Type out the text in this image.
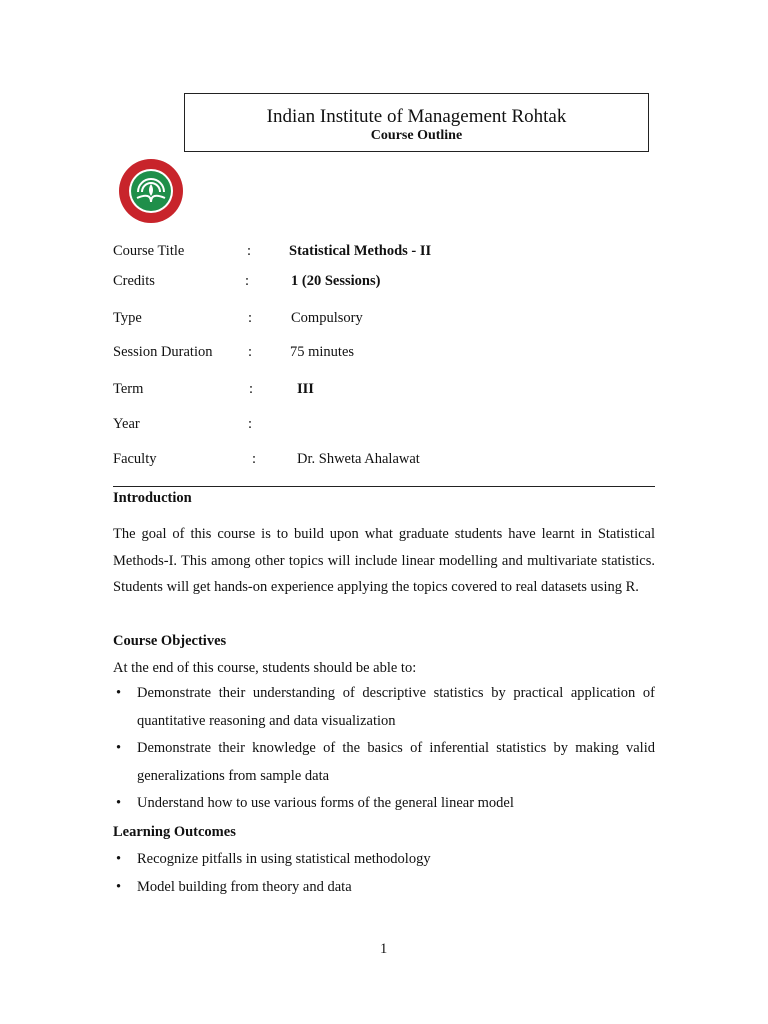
Indian Institute of Management Rohtak
Course Outline
Course Title	:	Statistical Methods - II
Credits	:	1 (20 Sessions)
Type	:	Compulsory
Session Duration :	75 minutes
Term	:	III
Year	:
Faculty	:	Dr. Shweta Ahalawat
Introduction
The goal of this course is to build upon what graduate students have learnt in Statistical Methods-I. This among other topics will include linear modelling and multivariate statistics. Students will get hands-on experience applying the topics covered to real datasets using R.
Course Objectives
At the end of this course, students should be able to:
• Demonstrate their understanding of descriptive statistics by practical application of quantitative reasoning and data visualization
• Demonstrate their knowledge of the basics of inferential statistics by making valid generalizations from sample data
• Understand how to use various forms of the general linear model
Learning Outcomes
• Recognize pitfalls in using statistical methodology
• Model building from theory and data
1
